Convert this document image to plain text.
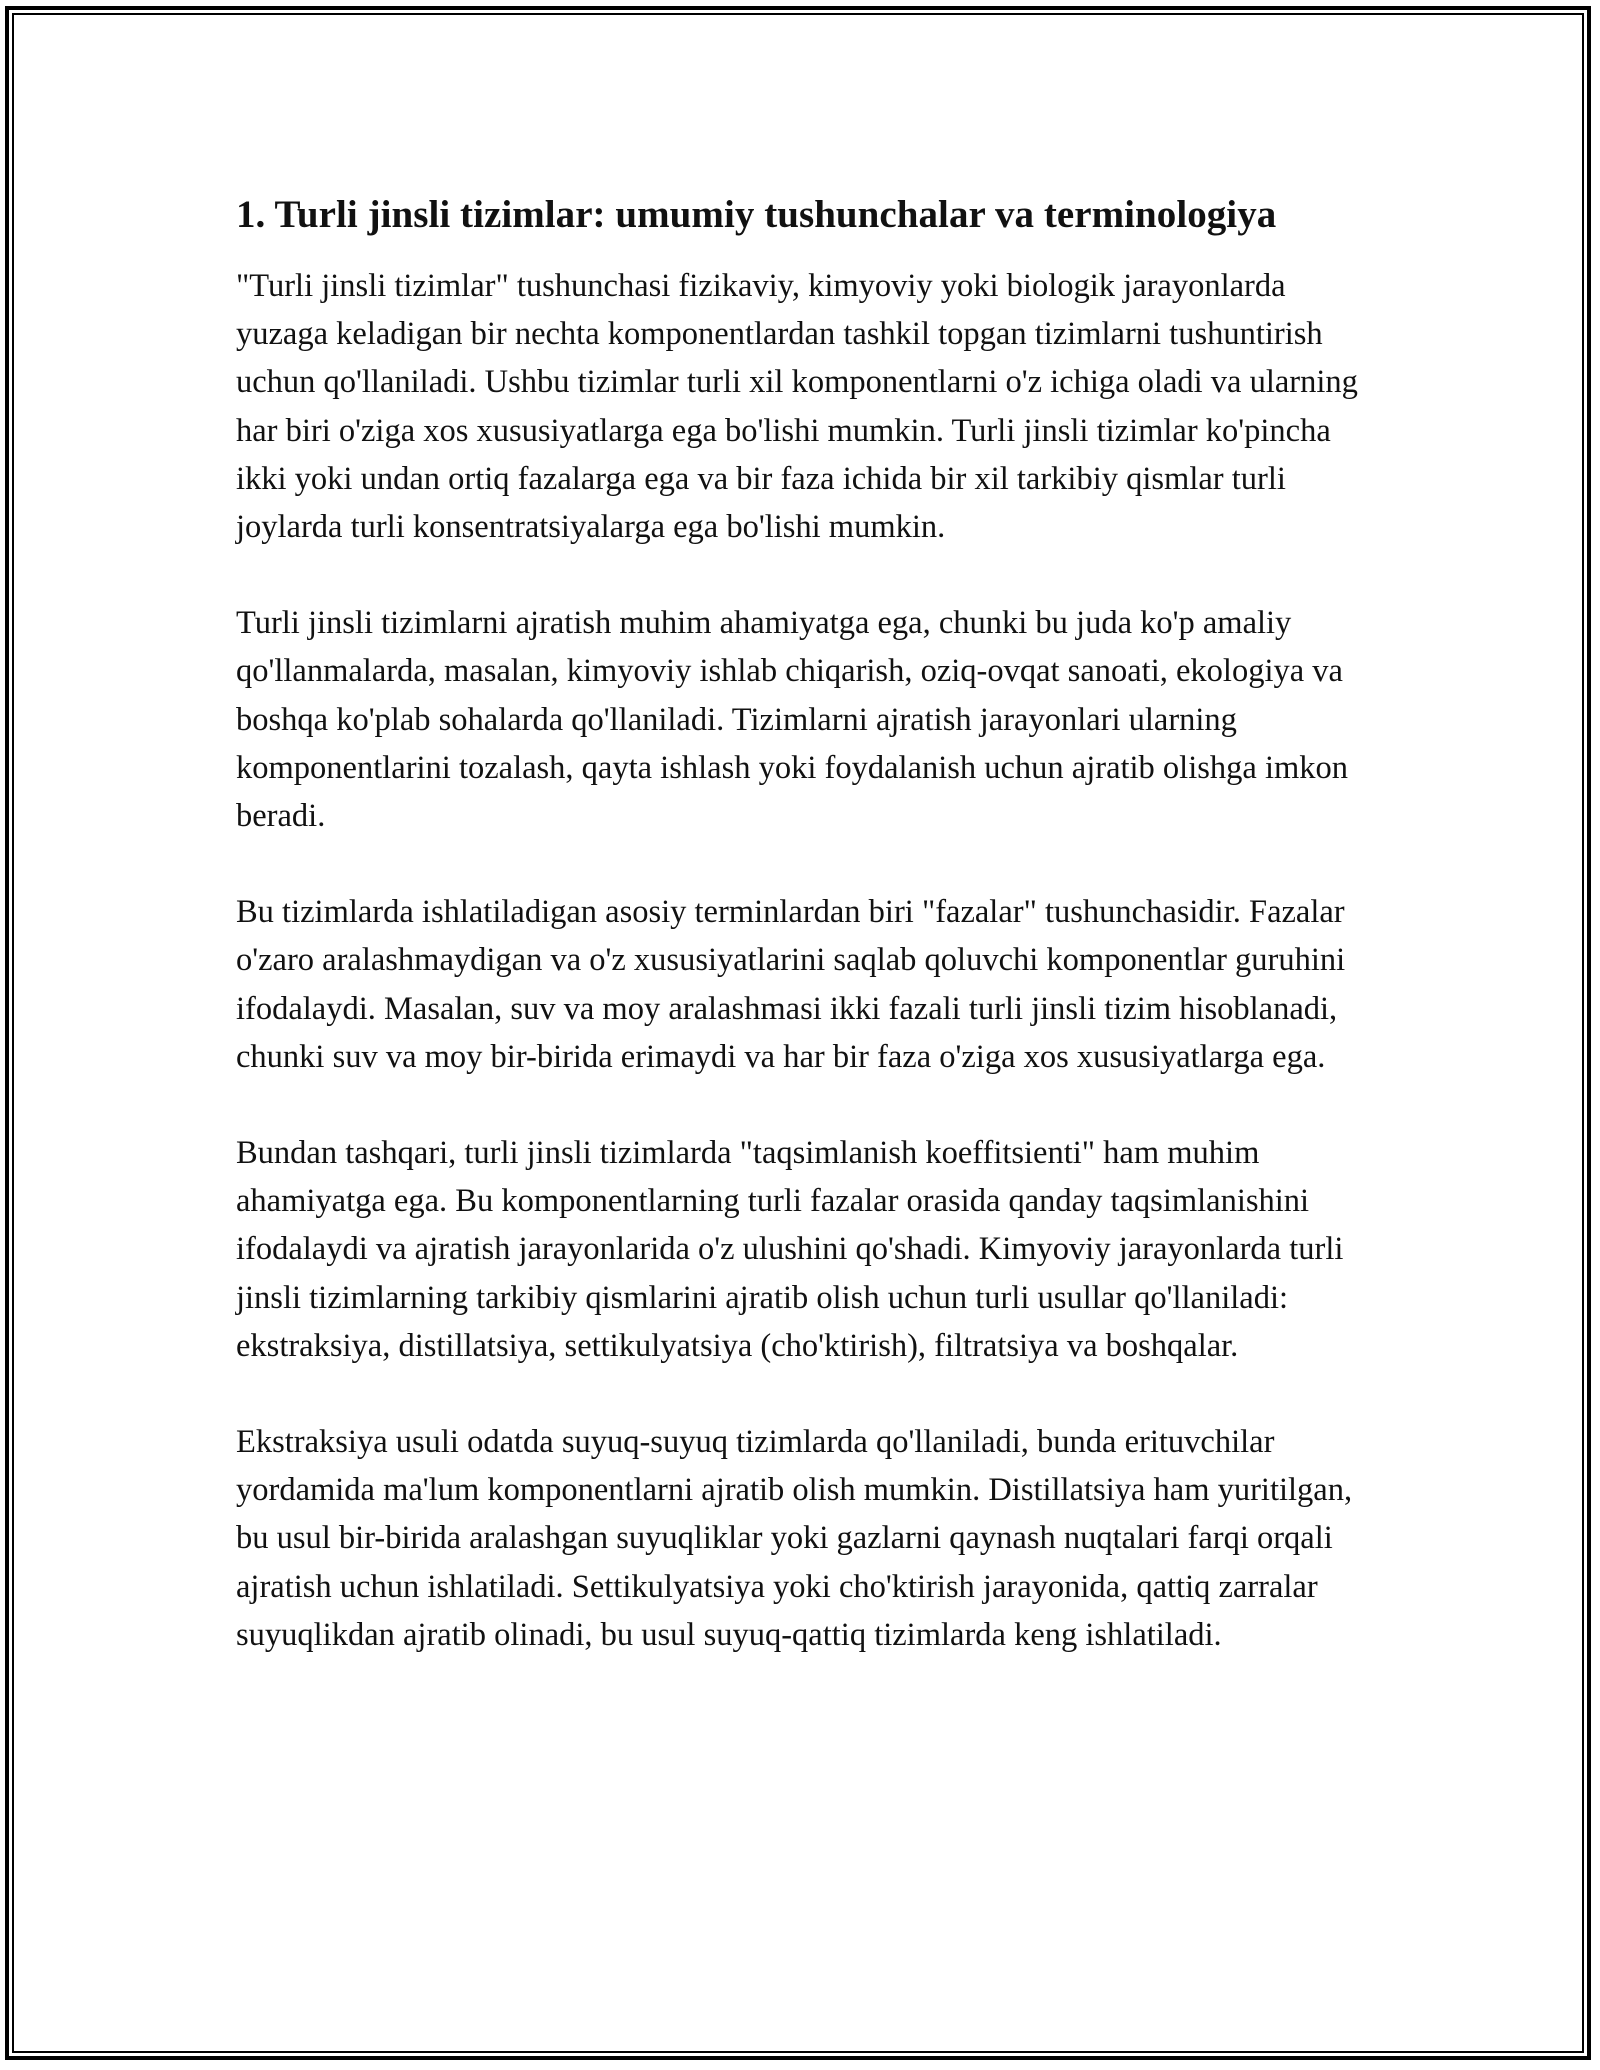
1. Turli jinsli tizimlar: umumiy tushunchalar va terminologiya

"Turli jinsli tizimlar" tushunchasi fizikaviy, kimyoviy yoki biologik jarayonlarda yuzaga keladigan bir nechta komponentlardan tashkil topgan tizimlarni tushuntirish uchun qo'llaniladi. Ushbu tizimlar turli xil komponentlarni o'z ichiga oladi va ularning har biri o'ziga xos xususiyatlarga ega bo'lishi mumkin. Turli jinsli tizimlar ko'pincha ikki yoki undan ortiq fazalarga ega va bir faza ichida bir xil tarkibiy qismlar turli joylarda turli konsentratsiyalarga ega bo'lishi mumkin.

Turli jinsli tizimlarni ajratish muhim ahamiyatga ega, chunki bu juda ko'p amaliy qo'llanmalarda, masalan, kimyoviy ishlab chiqarish, oziq-ovqat sanoati, ekologiya va boshqa ko'plab sohalarda qo'llaniladi. Tizimlarni ajratish jarayonlari ularning komponentlarini tozalash, qayta ishlash yoki foydalanish uchun ajratib olishga imkon beradi.

Bu tizimlarda ishlatiladigan asosiy terminlardan biri "fazalar" tushunchasidir. Fazalar o'zaro aralashmaydigan va o'z xususiyatlarini saqlab qoluvchi komponentlar guruhini ifodalaydi. Masalan, suv va moy aralashmasi ikki fazali turli jinsli tizim hisoblanadi, chunki suv va moy bir-birida erimaydi va har bir faza o'ziga xos xususiyatlarga ega.

Bundan tashqari, turli jinsli tizimlarda "taqsimlanish koeffitsienti" ham muhim ahamiyatga ega. Bu komponentlarning turli fazalar orasida qanday taqsimlanishini ifodalaydi va ajratish jarayonlarida o'z ulushini qo'shadi. Kimyoviy jarayonlarda turli jinsli tizimlarning tarkibiy qismlarini ajratib olish uchun turli usullar qo'llaniladi: ekstraksiya, distillatsiya, settikulyatsiya (cho'ktirish), filtratsiya va boshqalar.

Ekstraksiya usuli odatda suyuq-suyuq tizimlarda qo'llaniladi, bunda erituvchilar yordamida ma'lum komponentlarni ajratib olish mumkin. Distillatsiya ham yuritilgan, bu usul bir-birida aralashgan suyuqliklar yoki gazlarni qaynash nuqtalari farqi orqali ajratish uchun ishlatiladi. Settikulyatsiya yoki cho'ktirish jarayonida, qattiq zarralar suyuqlikdan ajratib olinadi, bu usul suyuq-qattiq tizimlarda keng ishlatiladi.
